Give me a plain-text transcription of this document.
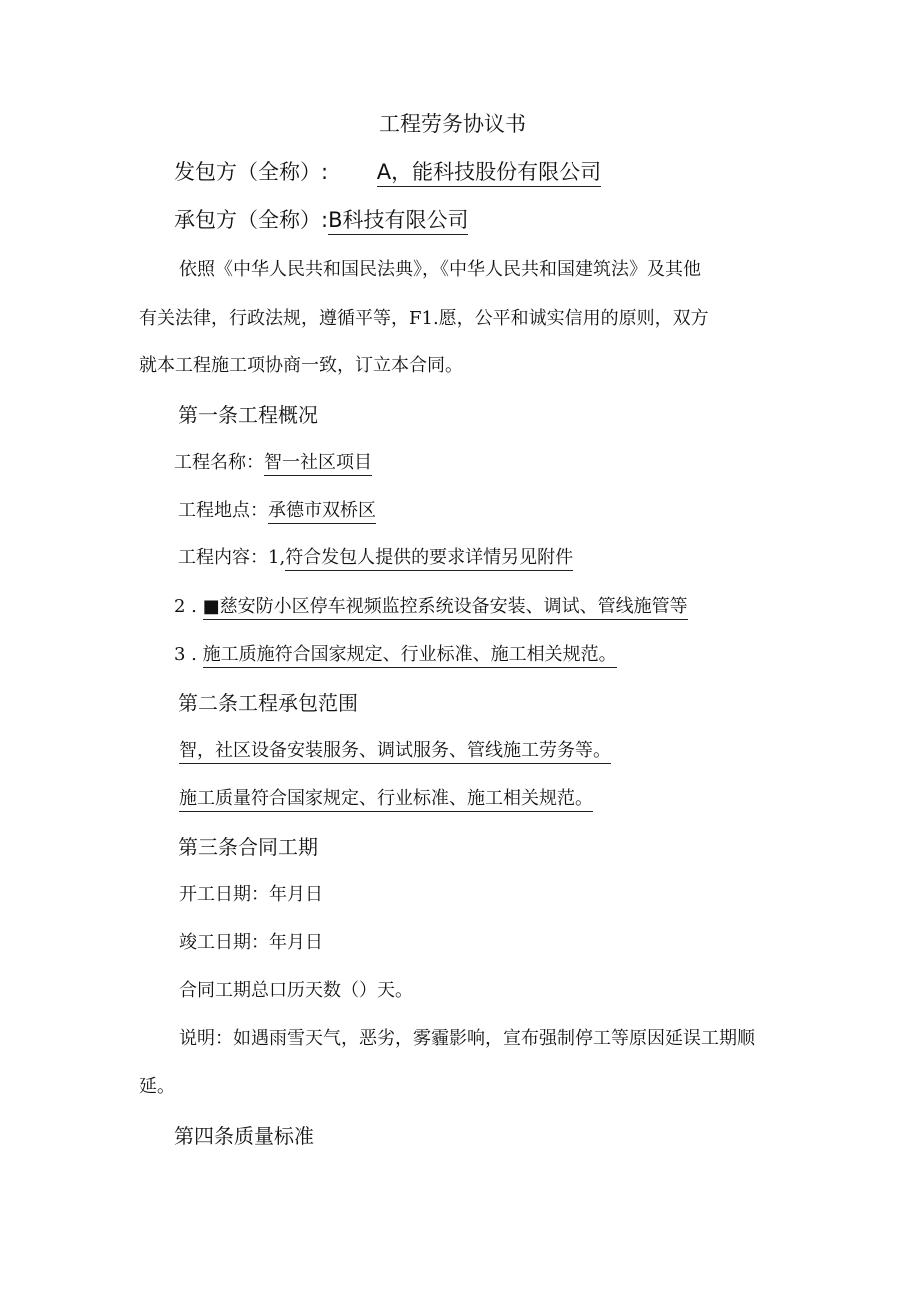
工程劳务协议书
发包方（全称）: A，能科技股份有限公司
承包方（全称）:B科技有限公司
依照《中华人民共和国民法典》，《中华人民共和国建筑法》及其他
有关法律，行政法规，遵循平等，F1.愿，公平和诚实信用的原则，双方
就本工程施工项协商一致，订立本合同。
第一条工程概况
工程名称：智一社区项目
工程地点：承德市双桥区
工程内容：1,符合发包人提供的要求详情另见附件
2 . ■慈安防小区停车视频监控系统设备安装、调试、管线施管等
3 . 施工质施符合国家规定、行业标准、施工相关规范。
第二条工程承包范围
智，社区设备安装服务、调试服务、管线施工劳务等。
施工质量符合国家规定、行业标准、施工相关规范。
第三条合同工期
开工日期：年月日
竣工日期：年月日
合同工期总口历天数（）天。
说明：如遇雨雪天气，恶劣，雾霾影响，宣布强制停工等原因延误工期顺
延。
第四条质量标准
